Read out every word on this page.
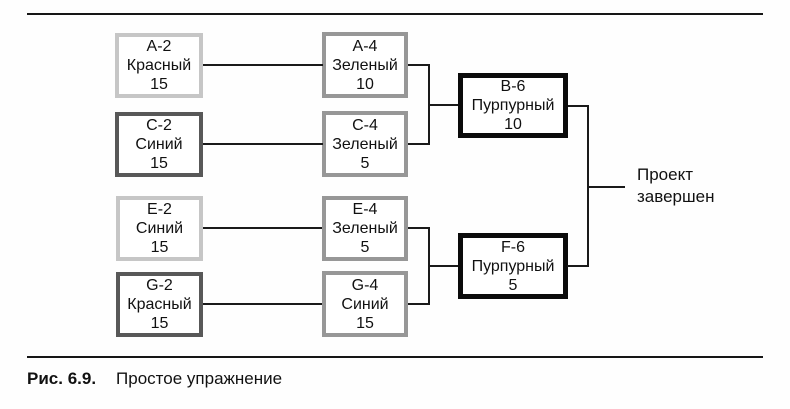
A-2
Красный
15
C-2
Синий
15
E-2
Синий
15
G-2
Красный
15
A-4
Зеленый
10
C-4
Зеленый
5
E-4
Зеленый
5
G-4
Синий
15
B-6
Пурпурный
10
F-6
Пурпурный
5
Проект
завершен
Рис. 6.9. Простое упражнение
